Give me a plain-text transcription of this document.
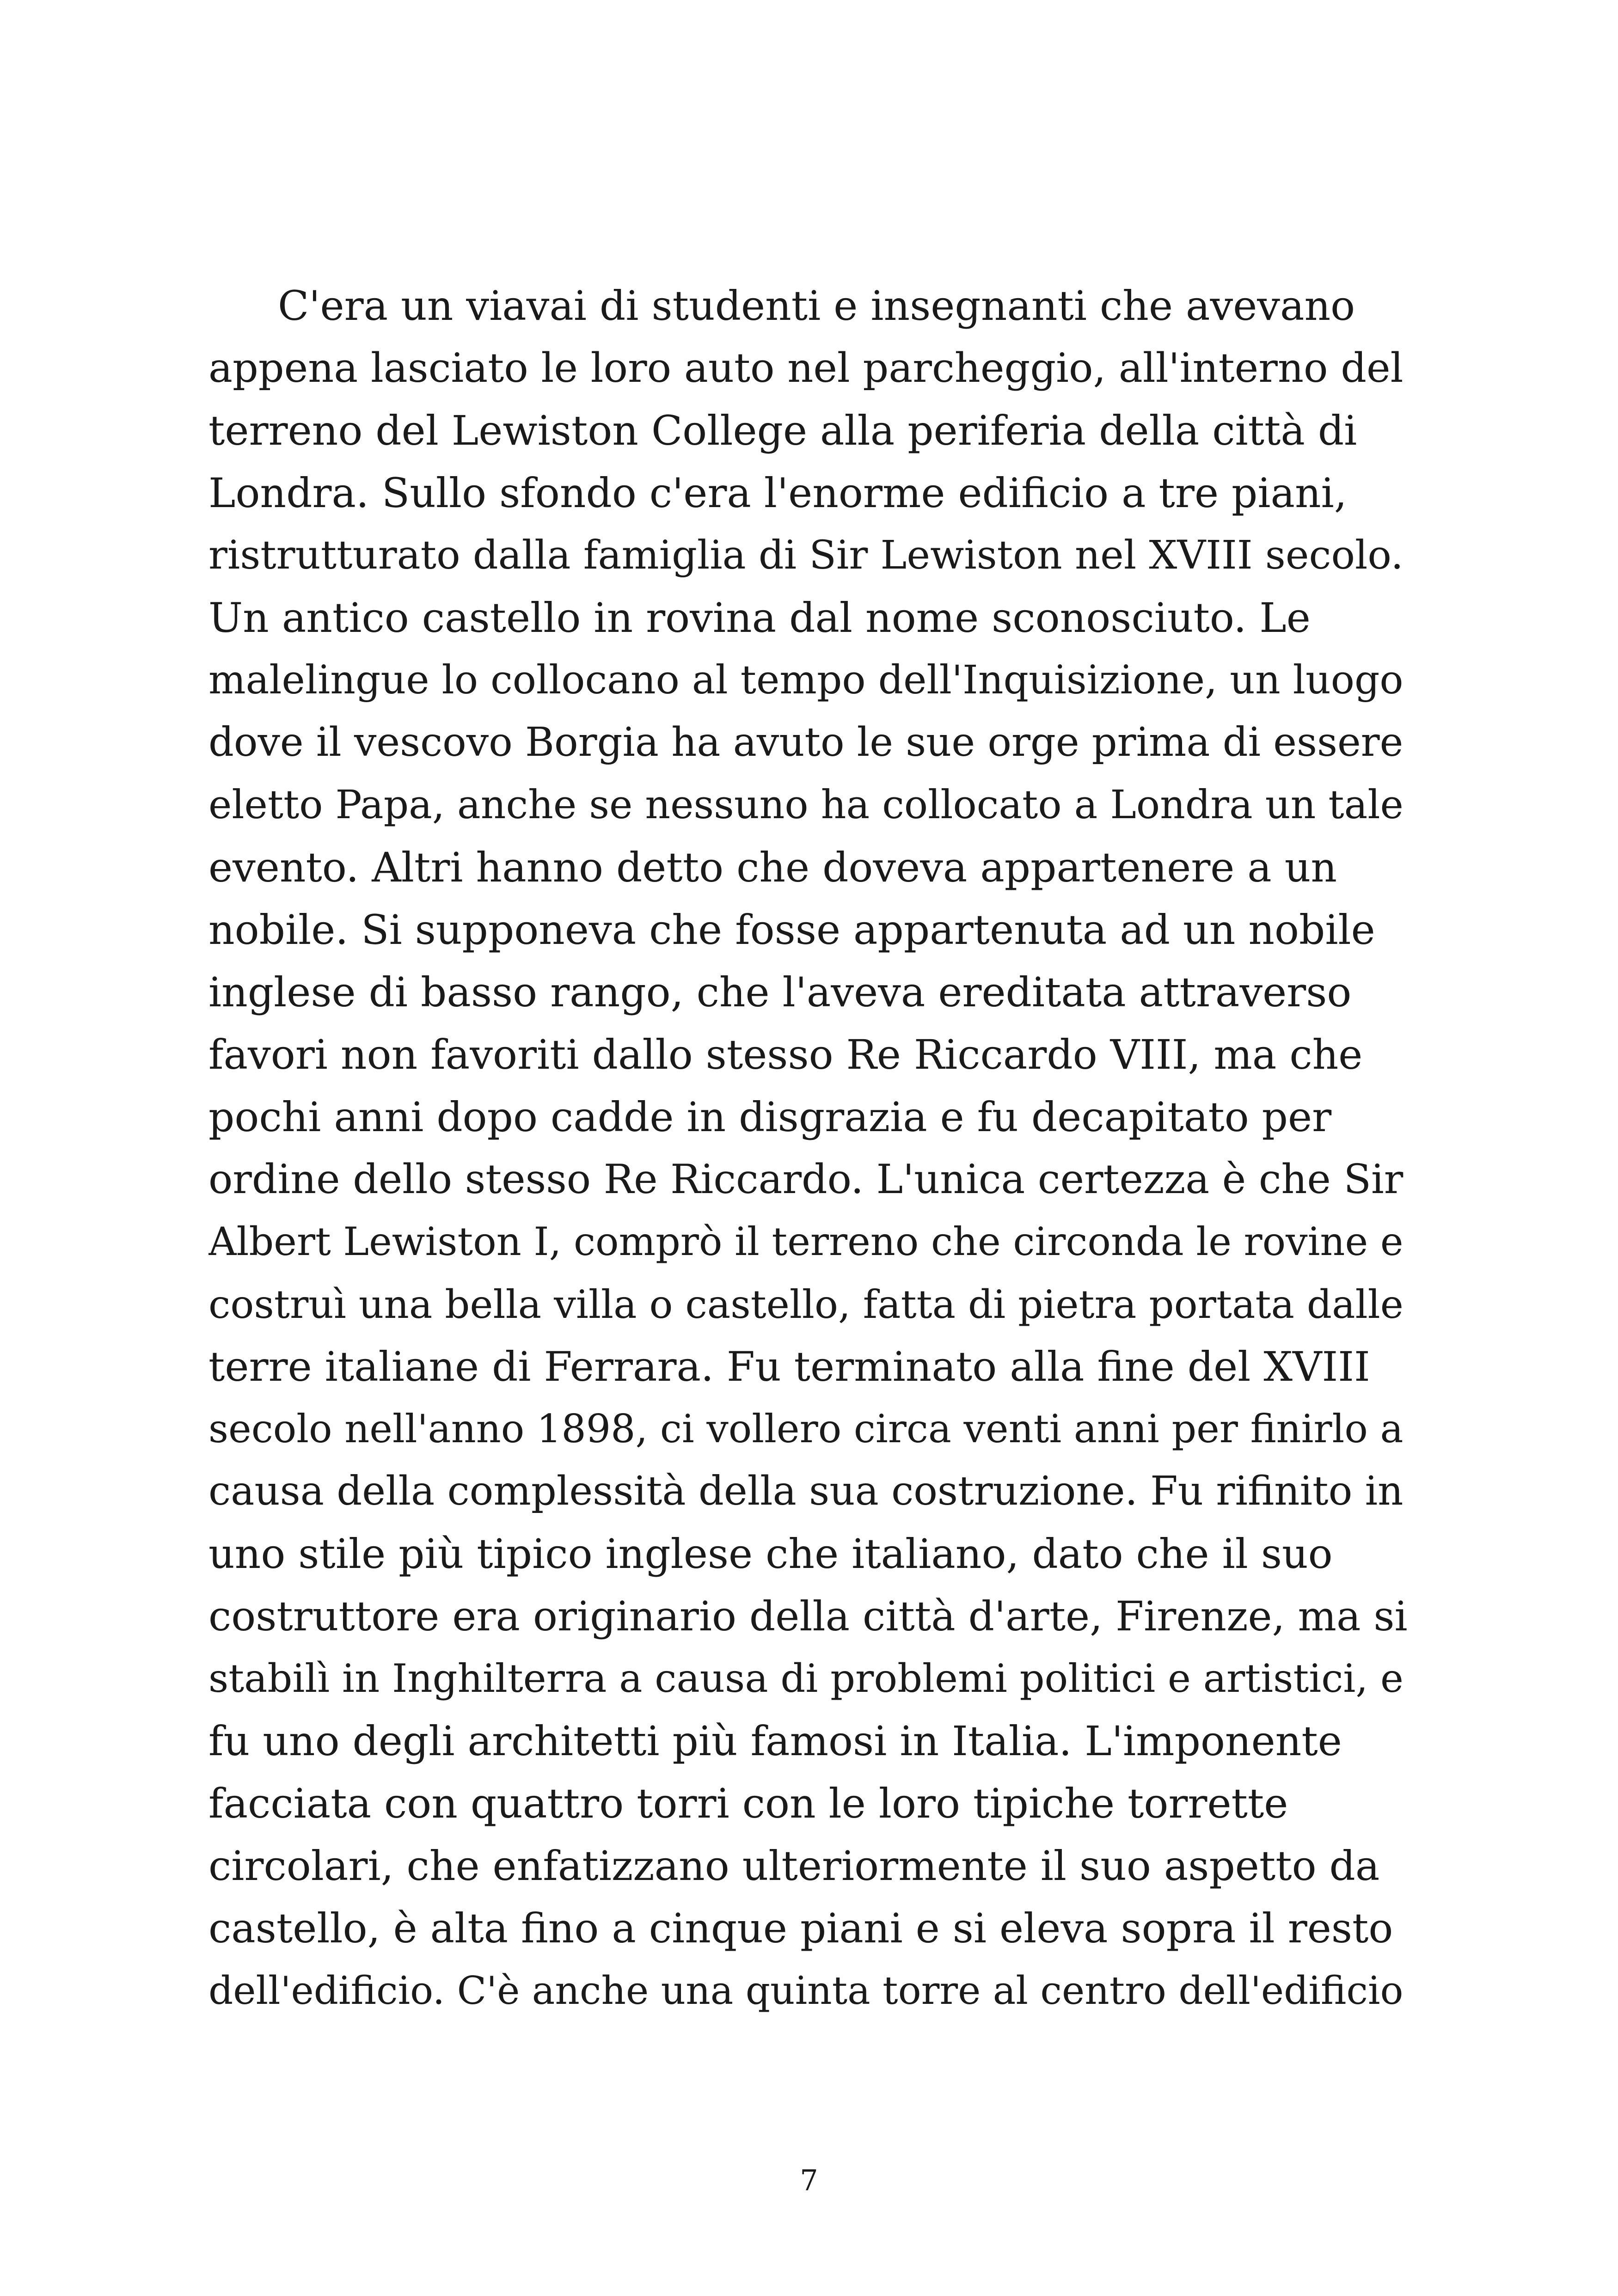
C'era un viavai di studenti e insegnanti che avevano
appena lasciato le loro auto nel parcheggio, all'interno del
terreno del Lewiston College alla periferia della città di
Londra. Sullo sfondo c'era l'enorme edificio a tre piani,
ristrutturato dalla famiglia di Sir Lewiston nel XVIII secolo.
Un antico castello in rovina dal nome sconosciuto. Le
malelingue lo collocano al tempo dell'Inquisizione, un luogo
dove il vescovo Borgia ha avuto le sue orge prima di essere
eletto Papa, anche se nessuno ha collocato a Londra un tale
evento. Altri hanno detto che doveva appartenere a un
nobile. Si supponeva che fosse appartenuta ad un nobile
inglese di basso rango, che l'aveva ereditata attraverso
favori non favoriti dallo stesso Re Riccardo VIII, ma che
pochi anni dopo cadde in disgrazia e fu decapitato per
ordine dello stesso Re Riccardo. L'unica certezza è che Sir
Albert Lewiston I, comprò il terreno che circonda le rovine e
costruì una bella villa o castello, fatta di pietra portata dalle
terre italiane di Ferrara. Fu terminato alla fine del XVIII
secolo nell'anno 1898, ci vollero circa venti anni per finirlo a
causa della complessità della sua costruzione. Fu rifinito in
uno stile più tipico inglese che italiano, dato che il suo
costruttore era originario della città d'arte, Firenze, ma si
stabilì in Inghilterra a causa di problemi politici e artistici, e
fu uno degli architetti più famosi in Italia. L'imponente
facciata con quattro torri con le loro tipiche torrette
circolari, che enfatizzano ulteriormente il suo aspetto da
castello, è alta fino a cinque piani e si eleva sopra il resto
dell'edificio. C'è anche una quinta torre al centro dell'edificio
7
